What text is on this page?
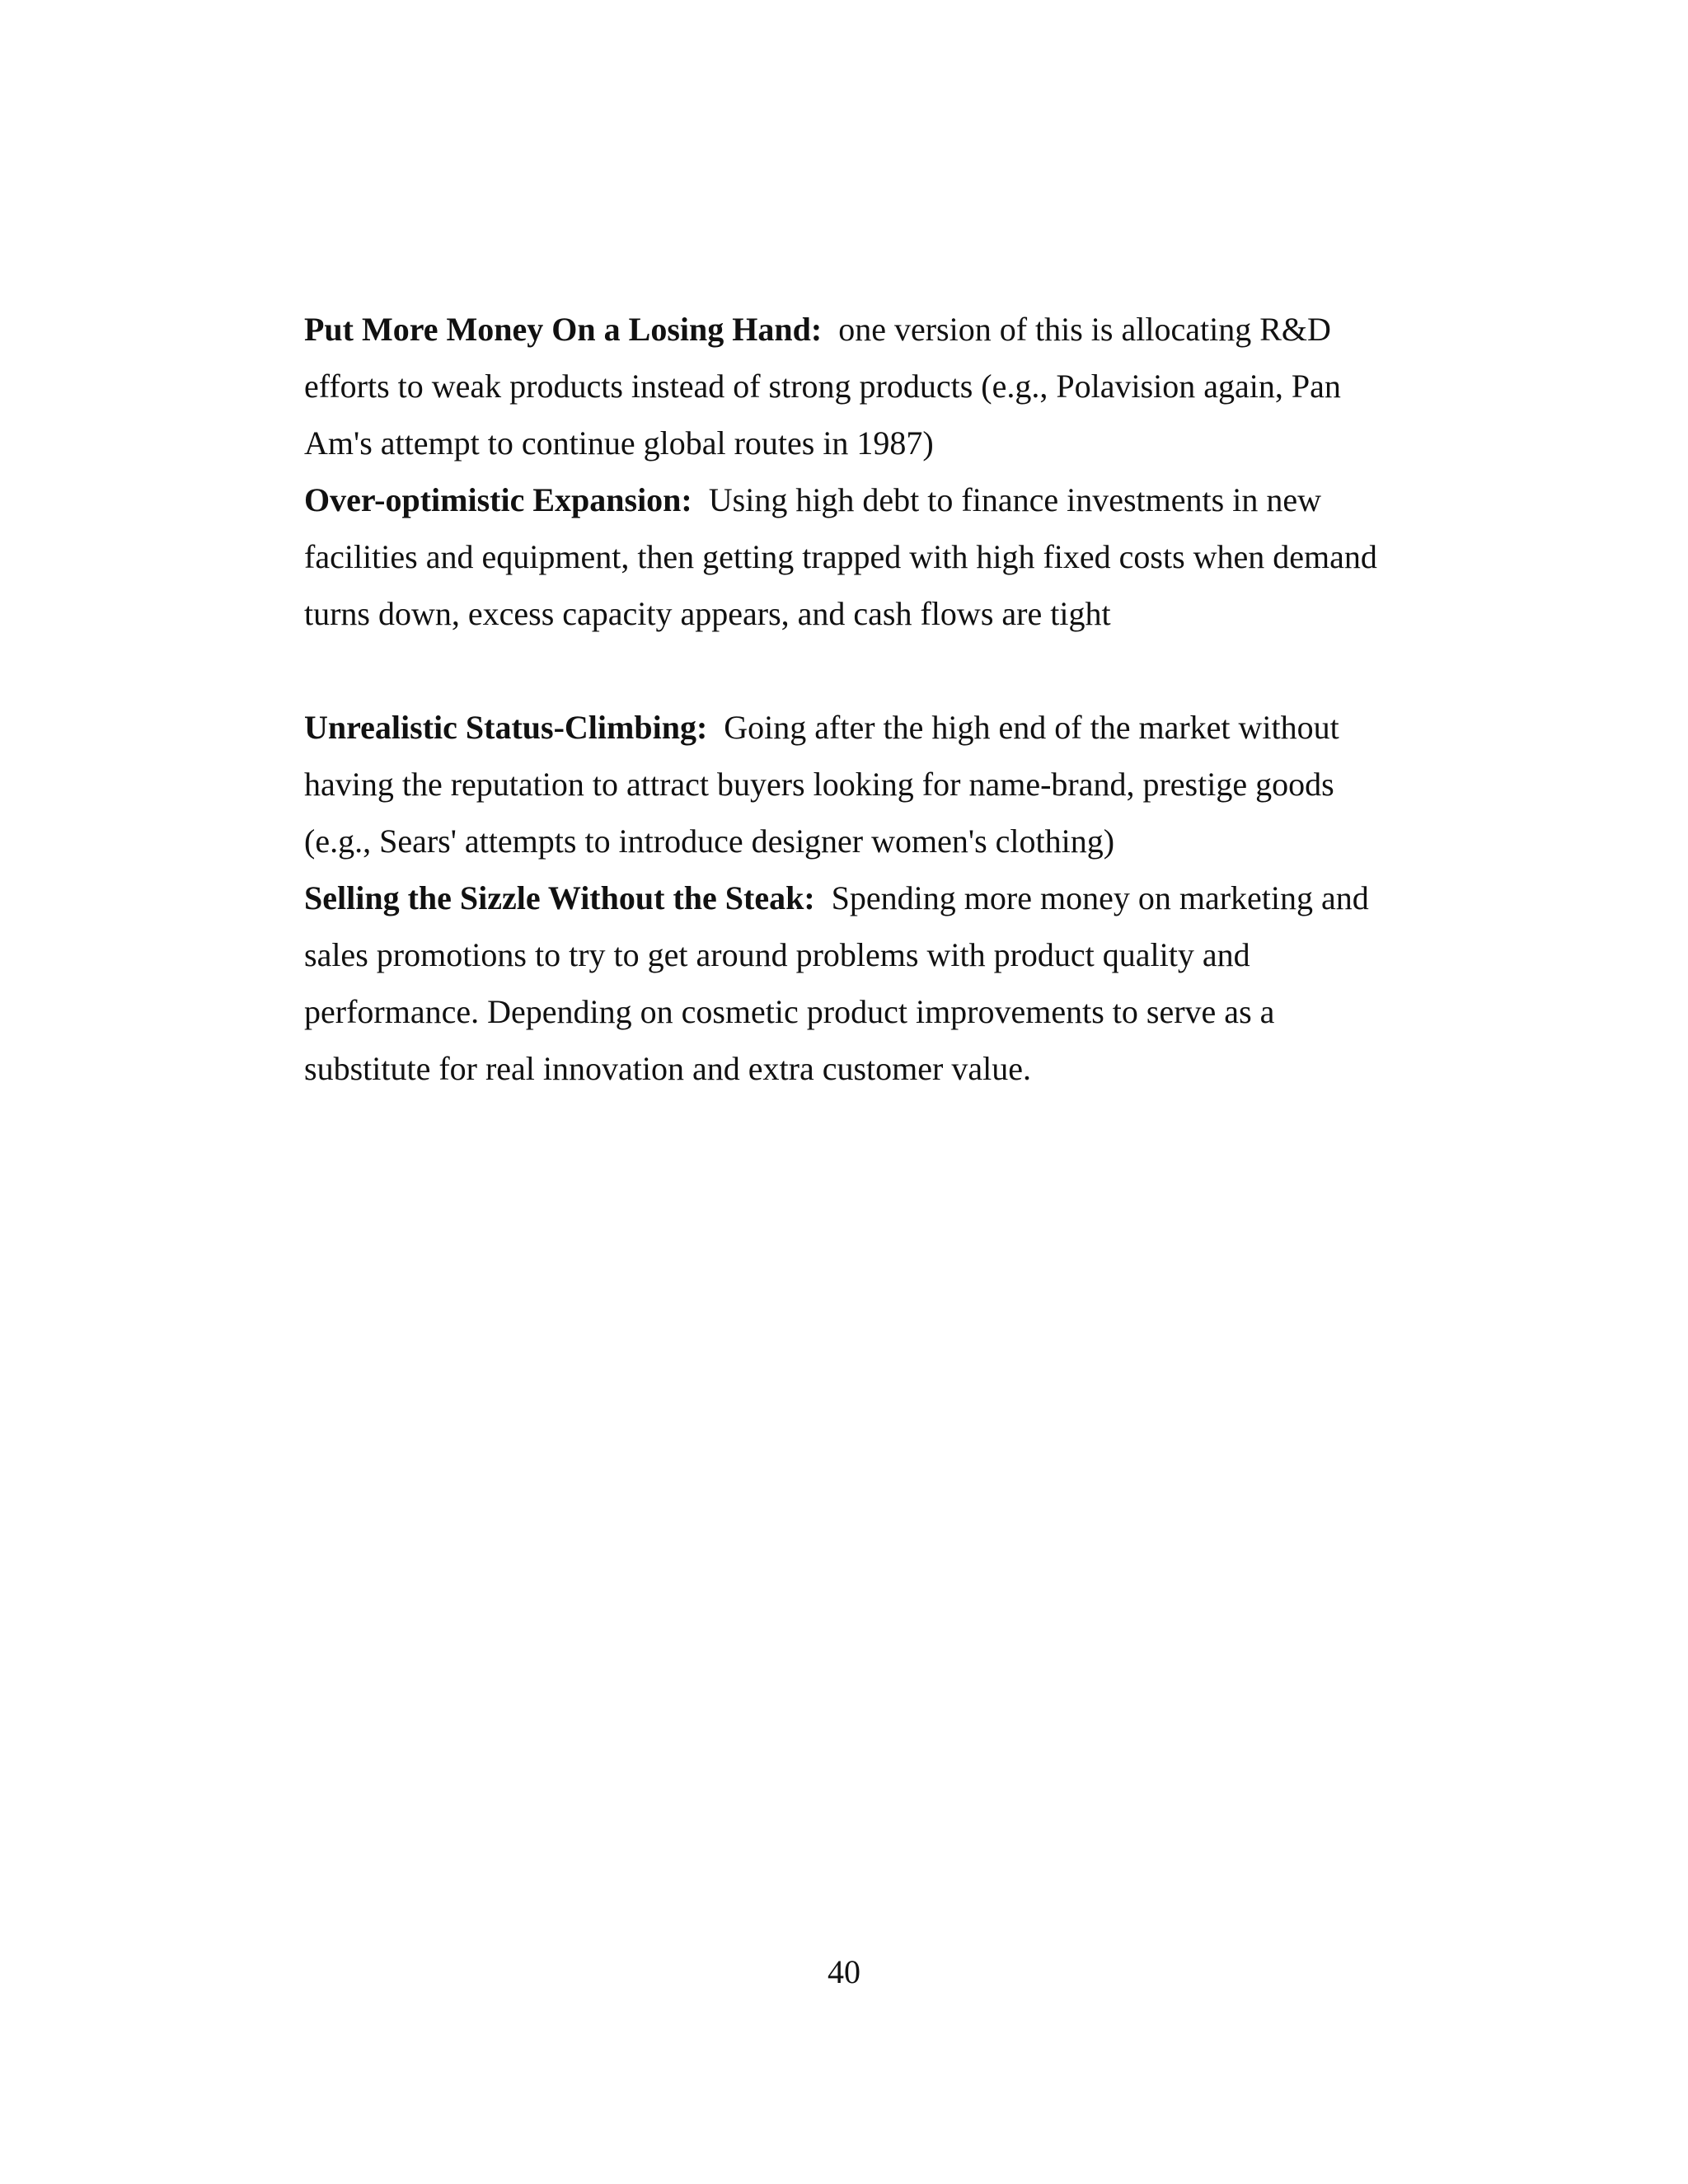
Put More Money On a Losing Hand: one version of this is allocating R&D efforts to weak products instead of strong products (e.g., Polavision again, Pan Am's attempt to continue global routes in 1987)

Over-optimistic Expansion: Using high debt to finance investments in new facilities and equipment, then getting trapped with high fixed costs when demand turns down, excess capacity appears, and cash flows are tight

Unrealistic Status-Climbing: Going after the high end of the market without having the reputation to attract buyers looking for name-brand, prestige goods (e.g., Sears' attempts to introduce designer women's clothing)

Selling the Sizzle Without the Steak: Spending more money on marketing and sales promotions to try to get around problems with product quality and performance. Depending on cosmetic product improvements to serve as a substitute for real innovation and extra customer value.

40
